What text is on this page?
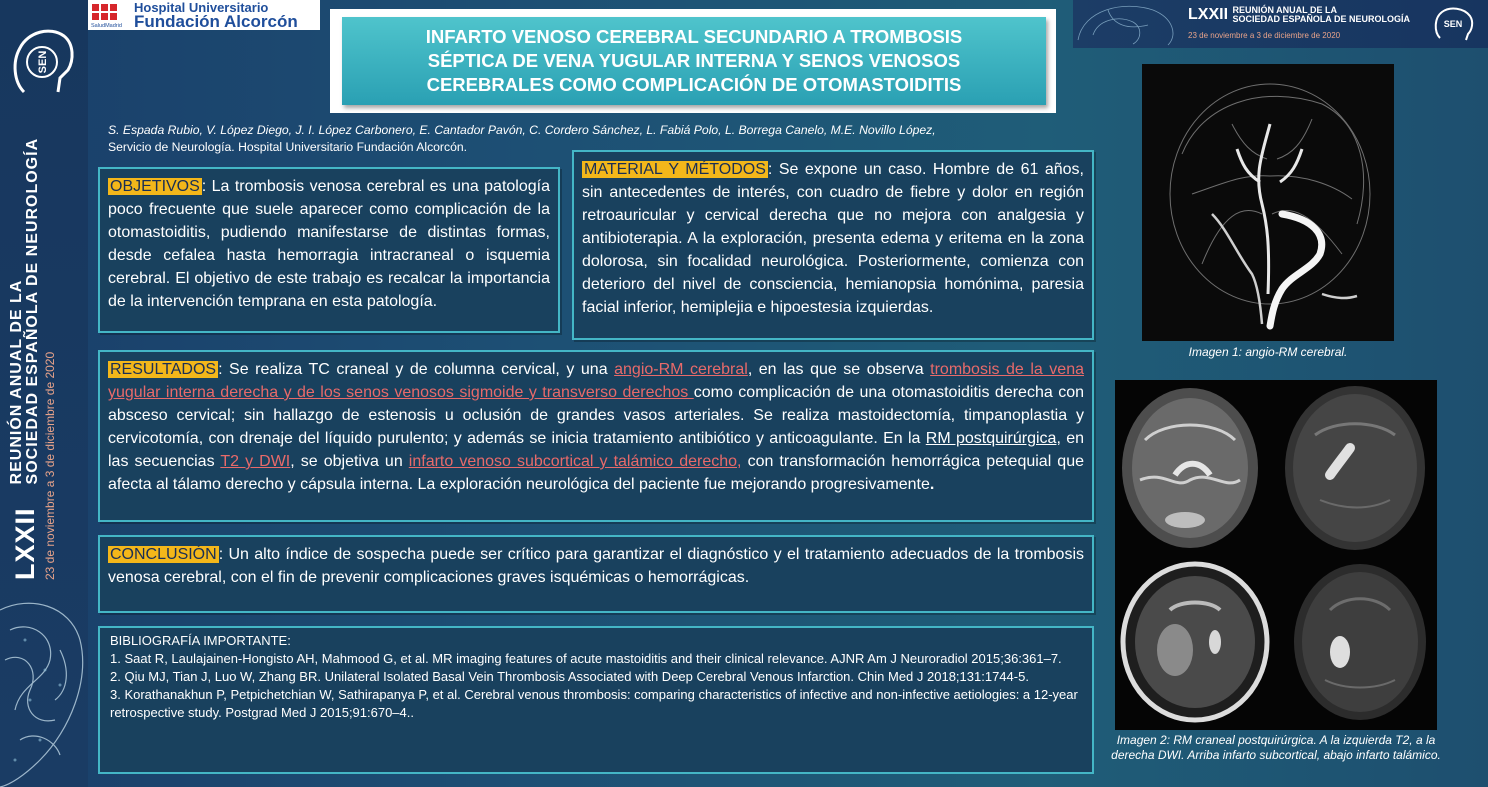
SEN
LXXII
REUNIÓN ANUAL DE LA SOCIEDAD ESPAÑOLA DE NEUROLOGÍA 23 de noviembre a 3 de diciembre de 2020
SaludMadrid
Hospital Universitario
Fundación Alcorcón
INFARTO VENOSO CEREBRAL SECUNDARIO A TROMBOSIS
SÉPTICA DE VENA YUGULAR INTERNA Y SENOS VENOSOS
CEREBRALES COMO COMPLICACIÓN DE OTOMASTOIDITIS
LXXII REUNIÓN ANUAL DE LA
SOCIEDAD ESPAÑOLA DE NEUROLOGÍA
23 de noviembre a 3 de diciembre de 2020
SEN
S. Espada Rubio, V. López Diego, J. I. López Carbonero, E. Cantador Pavón, C. Cordero Sánchez, L. Fabiá Polo, L. Borrega Canelo, M.E. Novillo López,
Servicio de Neurología. Hospital Universitario Fundación Alcorcón.
OBJETIVOS : La trombosis venosa cerebral es una patología poco frecuente que suele aparecer como complicación de la otomastoiditis, pudiendo manifestarse de distintas formas, desde cefalea hasta hemorragia intracraneal o isquemia cerebral. El objetivo de este trabajo es recalcar la importancia de la intervención temprana en esta patología.
MATERIAL Y MÉTODOS : Se expone un caso. Hombre de 61 años, sin antecedentes de interés, con cuadro de fiebre y dolor en región retroauricular y cervical derecha que no mejora con analgesia y antibioterapia. A la exploración, presenta edema y eritema en la zona dolorosa, sin focalidad neurológica. Posteriormente, comienza con deterioro del nivel de consciencia, hemianopsia homónima, paresia facial inferior, hemiplejia e hipoestesia izquierdas.
RESULTADOS : Se realiza TC craneal y de columna cervical, y una angio-RM cerebral, en las que se observa trombosis de la vena yugular interna derecha y de los senos venosos sigmoide y transverso derechos como complicación de una otomastoiditis derecha con absceso cervical; sin hallazgo de estenosis u oclusión de grandes vasos arteriales. Se realiza mastoidectomía, timpanoplastia y cervicotomía, con drenaje del líquido purulento; y además se inicia tratamiento antibiótico y anticoagulante. En la RM postquirúrgica, en las secuencias T2 y DWI, se objetiva un infarto venoso subcortical y talámico derecho, con transformación hemorrágica petequial que afecta al tálamo derecho y cápsula interna. La exploración neurológica del paciente fue mejorando progresivamente.
CONCLUSIÓN : Un alto índice de sospecha puede ser crítico para garantizar el diagnóstico y el tratamiento adecuados de la trombosis venosa cerebral, con el fin de prevenir complicaciones graves isquémicas o hemorrágicas.
BIBLIOGRAFÍA IMPORTANTE:
1. Saat R, Laulajainen-Hongisto AH, Mahmood G, et al. MR imaging features of acute mastoiditis and their clinical relevance. AJNR Am J Neuroradiol 2015;36:361–7.
2. Qiu MJ, Tian J, Luo W, Zhang BR. Unilateral Isolated Basal Vein Thrombosis Associated with Deep Cerebral Venous Infarction. Chin Med J 2018;131:1744-5.
3. Korathanakhun P, Petpichetchian W, Sathirapanya P, et al. Cerebral venous thrombosis: comparing characteristics of infective and non-infective aetiologies: a 12-year retrospective study. Postgrad Med J 2015;91:670–4..
Imagen 1: angio-RM cerebral.
Imagen 2: RM craneal postquirúrgica. A la izquierda T2, a la derecha DWI. Arriba infarto subcortical, abajo infarto talámico.
